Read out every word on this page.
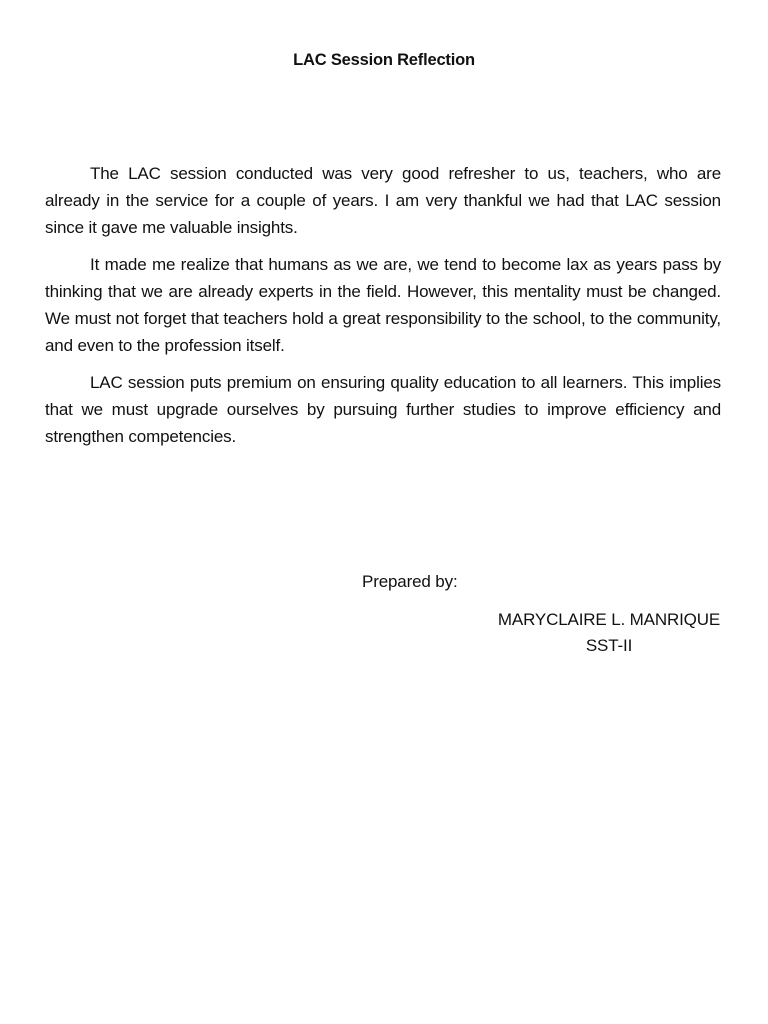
LAC Session Reflection

The LAC session conducted was very good refresher to us, teachers, who are already in the service for a couple of years. I am very thankful we had that LAC session since it gave me valuable insights.

It made me realize that humans as we are, we tend to become lax as years pass by thinking that we are already experts in the field. However, this mentality must be changed. We must not forget that teachers hold a great responsibility to the school, to the community, and even to the profession itself.

LAC session puts premium on ensuring quality education to all learners. This implies that we must upgrade ourselves by pursuing further studies to improve efficiency and strengthen competencies.

Prepared by:
MARYCLAIRE L. MANRIQUE
SST-II
